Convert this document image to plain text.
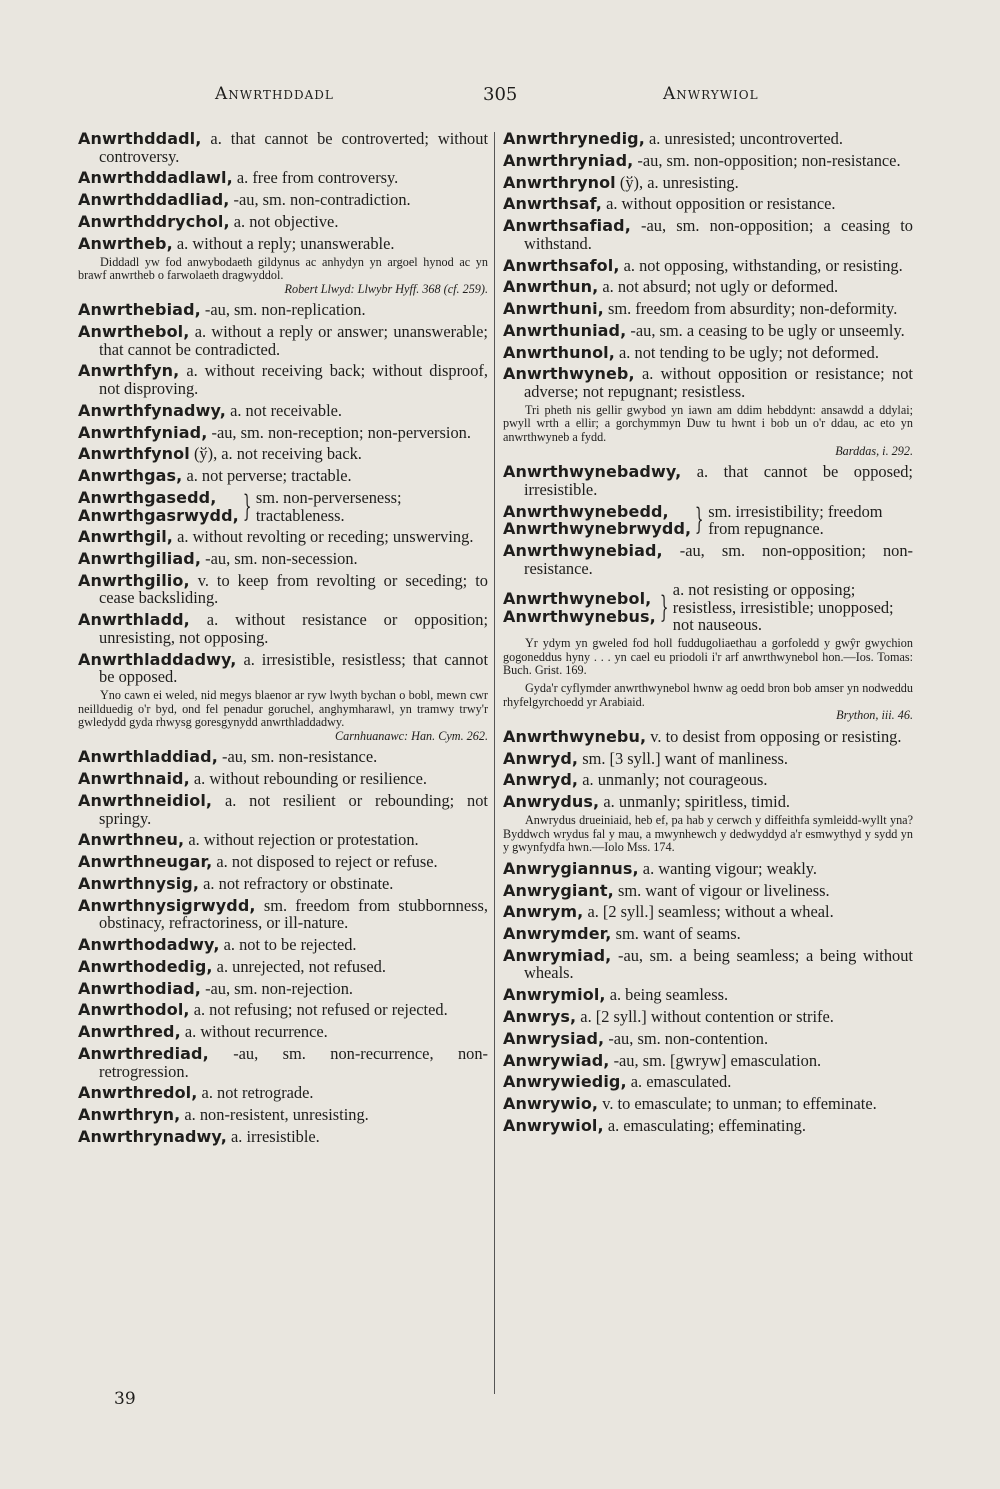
Anwrthddadl	305	Anwrywiol
Anwrthddadl, a. that cannot be controverted; without controversy.
Anwrthddadlawl, a. free from controversy.
Anwrthddadliad, -au, sm. non-contradiction.
Anwrthddrychol, a. not objective.
Anwrtheb, a. without a reply; unanswerable.
Diddadl yw fod anwybodaeth gildynus ac anhydyn yn argoel hynod ac yn brawf anwrtheb o farwolaeth dragwyddol.
Robert Llwyd: Llwybr Hyff. 368 (cf. 259).
Anwrthebiad, -au, sm. non-replication.
Anwrthebol, a. without a reply or answer; unanswerable; that cannot be contradicted.
Anwrthfyn, a. without receiving back; without disproof, not disproving.
Anwrthfynadwy, a. not receivable.
Anwrthfyniad, -au, sm. non-reception; non-perversion.
Anwrthfynol (ў), a. not receiving back.
Anwrthgas, a. not perverse; tractable.
Anwrthgasedd,
Anwrthgasrwydd, } sm. non-perverseness; tractableness.
Anwrthgil, a. without revolting or receding; unswerving.
Anwrthgiliad, -au, sm. non-secession.
Anwrthgilio, v. to keep from revolting or seceding; to cease backsliding.
Anwrthladd, a. without resistance or opposition; unresisting, not opposing.
Anwrthladdadwy, a. irresistible, resistless; that cannot be opposed.
Yno cawn ei weled, nid megys blaenor ar ryw lwyth bychan o bobl, mewn cwr neillduedig o'r byd, ond fel penadur goruchel, anghymharawl, yn tramwy trwy'r gwledydd gyda rhwysg goresgynydd anwrthladdadwy.
Carnhuanawc: Han. Cym. 262.
Anwrthladdiad, -au, sm. non-resistance.
Anwrthnaid, a. without rebounding or resilience.
Anwrthneidiol, a. not resilient or rebounding; not springy.
Anwrthneu, a. without rejection or protestation.
Anwrthneugar, a. not disposed to reject or refuse.
Anwrthnysig, a. not refractory or obstinate.
Anwrthnysigrwydd, sm. freedom from stubbornness, obstinacy, refractoriness, or ill-nature.
Anwrthodadwy, a. not to be rejected.
Anwrthodedig, a. unrejected, not refused.
Anwrthodiad, -au, sm. non-rejection.
Anwrthodol, a. not refusing; not refused or rejected.
Anwrthred, a. without recurrence.
Anwrthrediad, -au, sm. non-recurrence, non-retrogression.
Anwrthredol, a. not retrograde.
Anwrthryn, a. non-resistent, unresisting.
Anwrthrynadwy, a. irresistible.
Anwrthrynedig, a. unresisted; uncontroverted.
Anwrthryniad, -au, sm. non-opposition; non-resistance.
Anwrthrynol (ў), a. unresisting.
Anwrthsaf, a. without opposition or resistance.
Anwrthsafiad, -au, sm. non-opposition; a ceasing to withstand.
Anwrthsafol, a. not opposing, withstanding, or resisting.
Anwrthun, a. not absurd; not ugly or deformed.
Anwrthuni, sm. freedom from absurdity; non-deformity.
Anwrthuniad, -au, sm. a ceasing to be ugly or unseemly.
Anwrthunol, a. not tending to be ugly; not deformed.
Anwrthwyneb, a. without opposition or resistance; not adverse; not repugnant; resistless.
Tri pheth nis gellir gwybod yn iawn am ddim hebddynt: ansawdd a ddylai; pwyll wrth a ellir; a gorchymmyn Duw tu hwnt i bob un o'r ddau, ac eto yn anwrthwyneb a fydd.
Barddas, i. 292.
Anwrthwynebadwy, a. that cannot be opposed; irresistible.
Anwrthwynebedd,
Anwrthwynebrwydd, } sm. irresistibility; freedom from repugnance.
Anwrthwynebiad, -au, sm. non-opposition; non-resistance.
Anwrthwynebol,
Anwrthwynebus, } a. not resisting or opposing; resistless, irresistible; unopposed; not nauseous.
Yr ydym yn gweled fod holl fuddugoliaethau a gorfoledd y gwŷr gwychion gogoneddus hyny . . . yn cael eu priodoli i'r arf anwrthwynebol hon.—Ios. Tomas: Buch. Grist. 169.
Gyda'r cyflymder anwrthwynebol hwnw ag oedd bron bob amser yn nodweddu rhyfelgyrchoedd yr Arabiaid.
Brython, iii. 46.
Anwrthwynebu, v. to desist from opposing or resisting.
Anwryd, sm. [3 syll.] want of manliness.
Anwryd, a. unmanly; not courageous.
Anwrydus, a. unmanly; spiritless, timid.
Anwrydus drueiniaid, heb ef, pa hab y cerwch y diffeithfa symleidd-wyllt yna? Byddwch wrydus fal y mau, a mwynhewch y dedwyddyd a'r esmwythyd y sydd yn y gwynfydfa hwn.—Iolo Mss. 174.
Anwrygiannus, a. wanting vigour; weakly.
Anwrygiant, sm. want of vigour or liveliness.
Anwrym, a. [2 syll.] seamless; without a wheal.
Anwrymder, sm. want of seams.
Anwrymiad, -au, sm. a being seamless; a being without wheals.
Anwrymiol, a. being seamless.
Anwrys, a. [2 syll.] without contention or strife.
Anwrysiad, -au, sm. non-contention.
Anwrywiad, -au, sm. [gwryw] emasculation.
Anwrywiedig, a. emasculated.
Anwrywio, v. to emasculate; to unman; to effeminate.
Anwrywiol, a. emasculating; effeminating.
39
